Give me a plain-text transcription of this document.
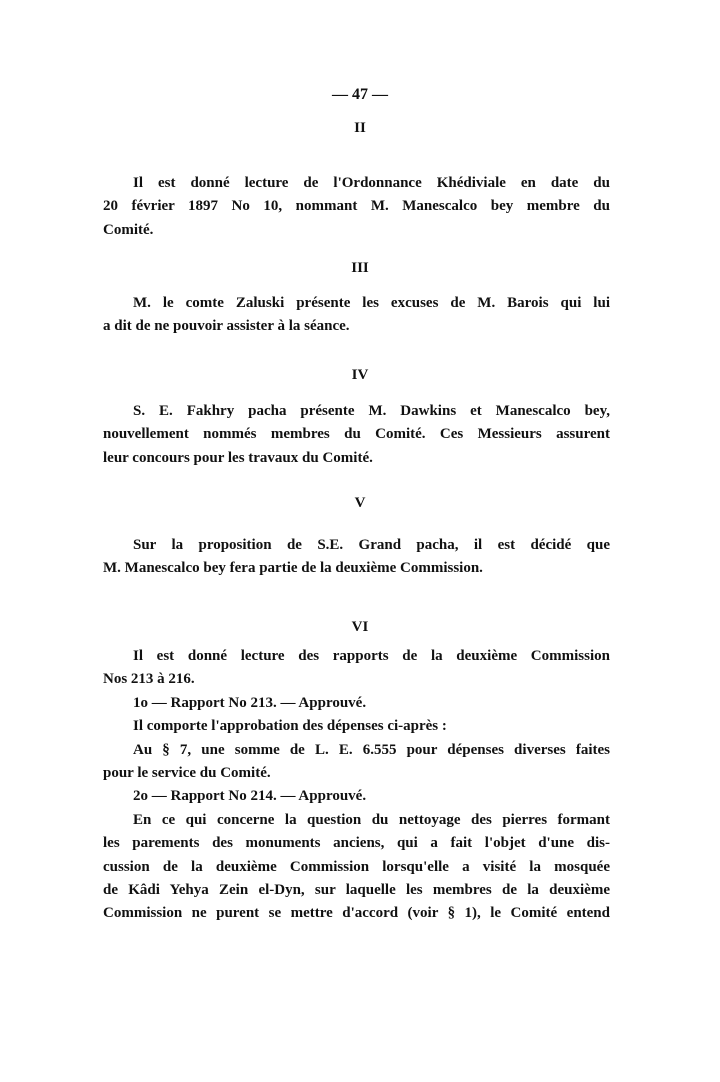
— 47 —
II
Il est donné lecture de l'Ordonnance Khédiviale en date du
20 février 1897 No 10, nommant M. Manescalco bey membre du
Comité.
III
M. le comte Zaluski présente les excuses de M. Barois qui lui
a dit de ne pouvoir assister à la séance.
IV
S. E. Fakhry pacha présente M. Dawkins et Manescalco bey,
nouvellement nommés membres du Comité. Ces Messieurs assurent
leur concours pour les travaux du Comité.
V
Sur la proposition de S.E. Grand pacha, il est décidé que
M. Manescalco bey fera partie de la deuxième Commission.
VI
Il est donné lecture des rapports de la deuxième Commission
Nos 213 à 216.
1o — Rapport No 213. — Approuvé.
Il comporte l'approbation des dépenses ci-après :
Au § 7, une somme de L. E. 6.555 pour dépenses diverses faites
pour le service du Comité.
2o — Rapport No 214. — Approuvé.
En ce qui concerne la question du nettoyage des pierres formant
les parements des monuments anciens, qui a fait l'objet d'une dis-
cussion de la deuxième Commission lorsqu'elle a visité la mosquée
de Kâdi Yehya Zein el-Dyn, sur laquelle les membres de la deuxième
Commission ne purent se mettre d'accord (voir § 1), le Comité entend
